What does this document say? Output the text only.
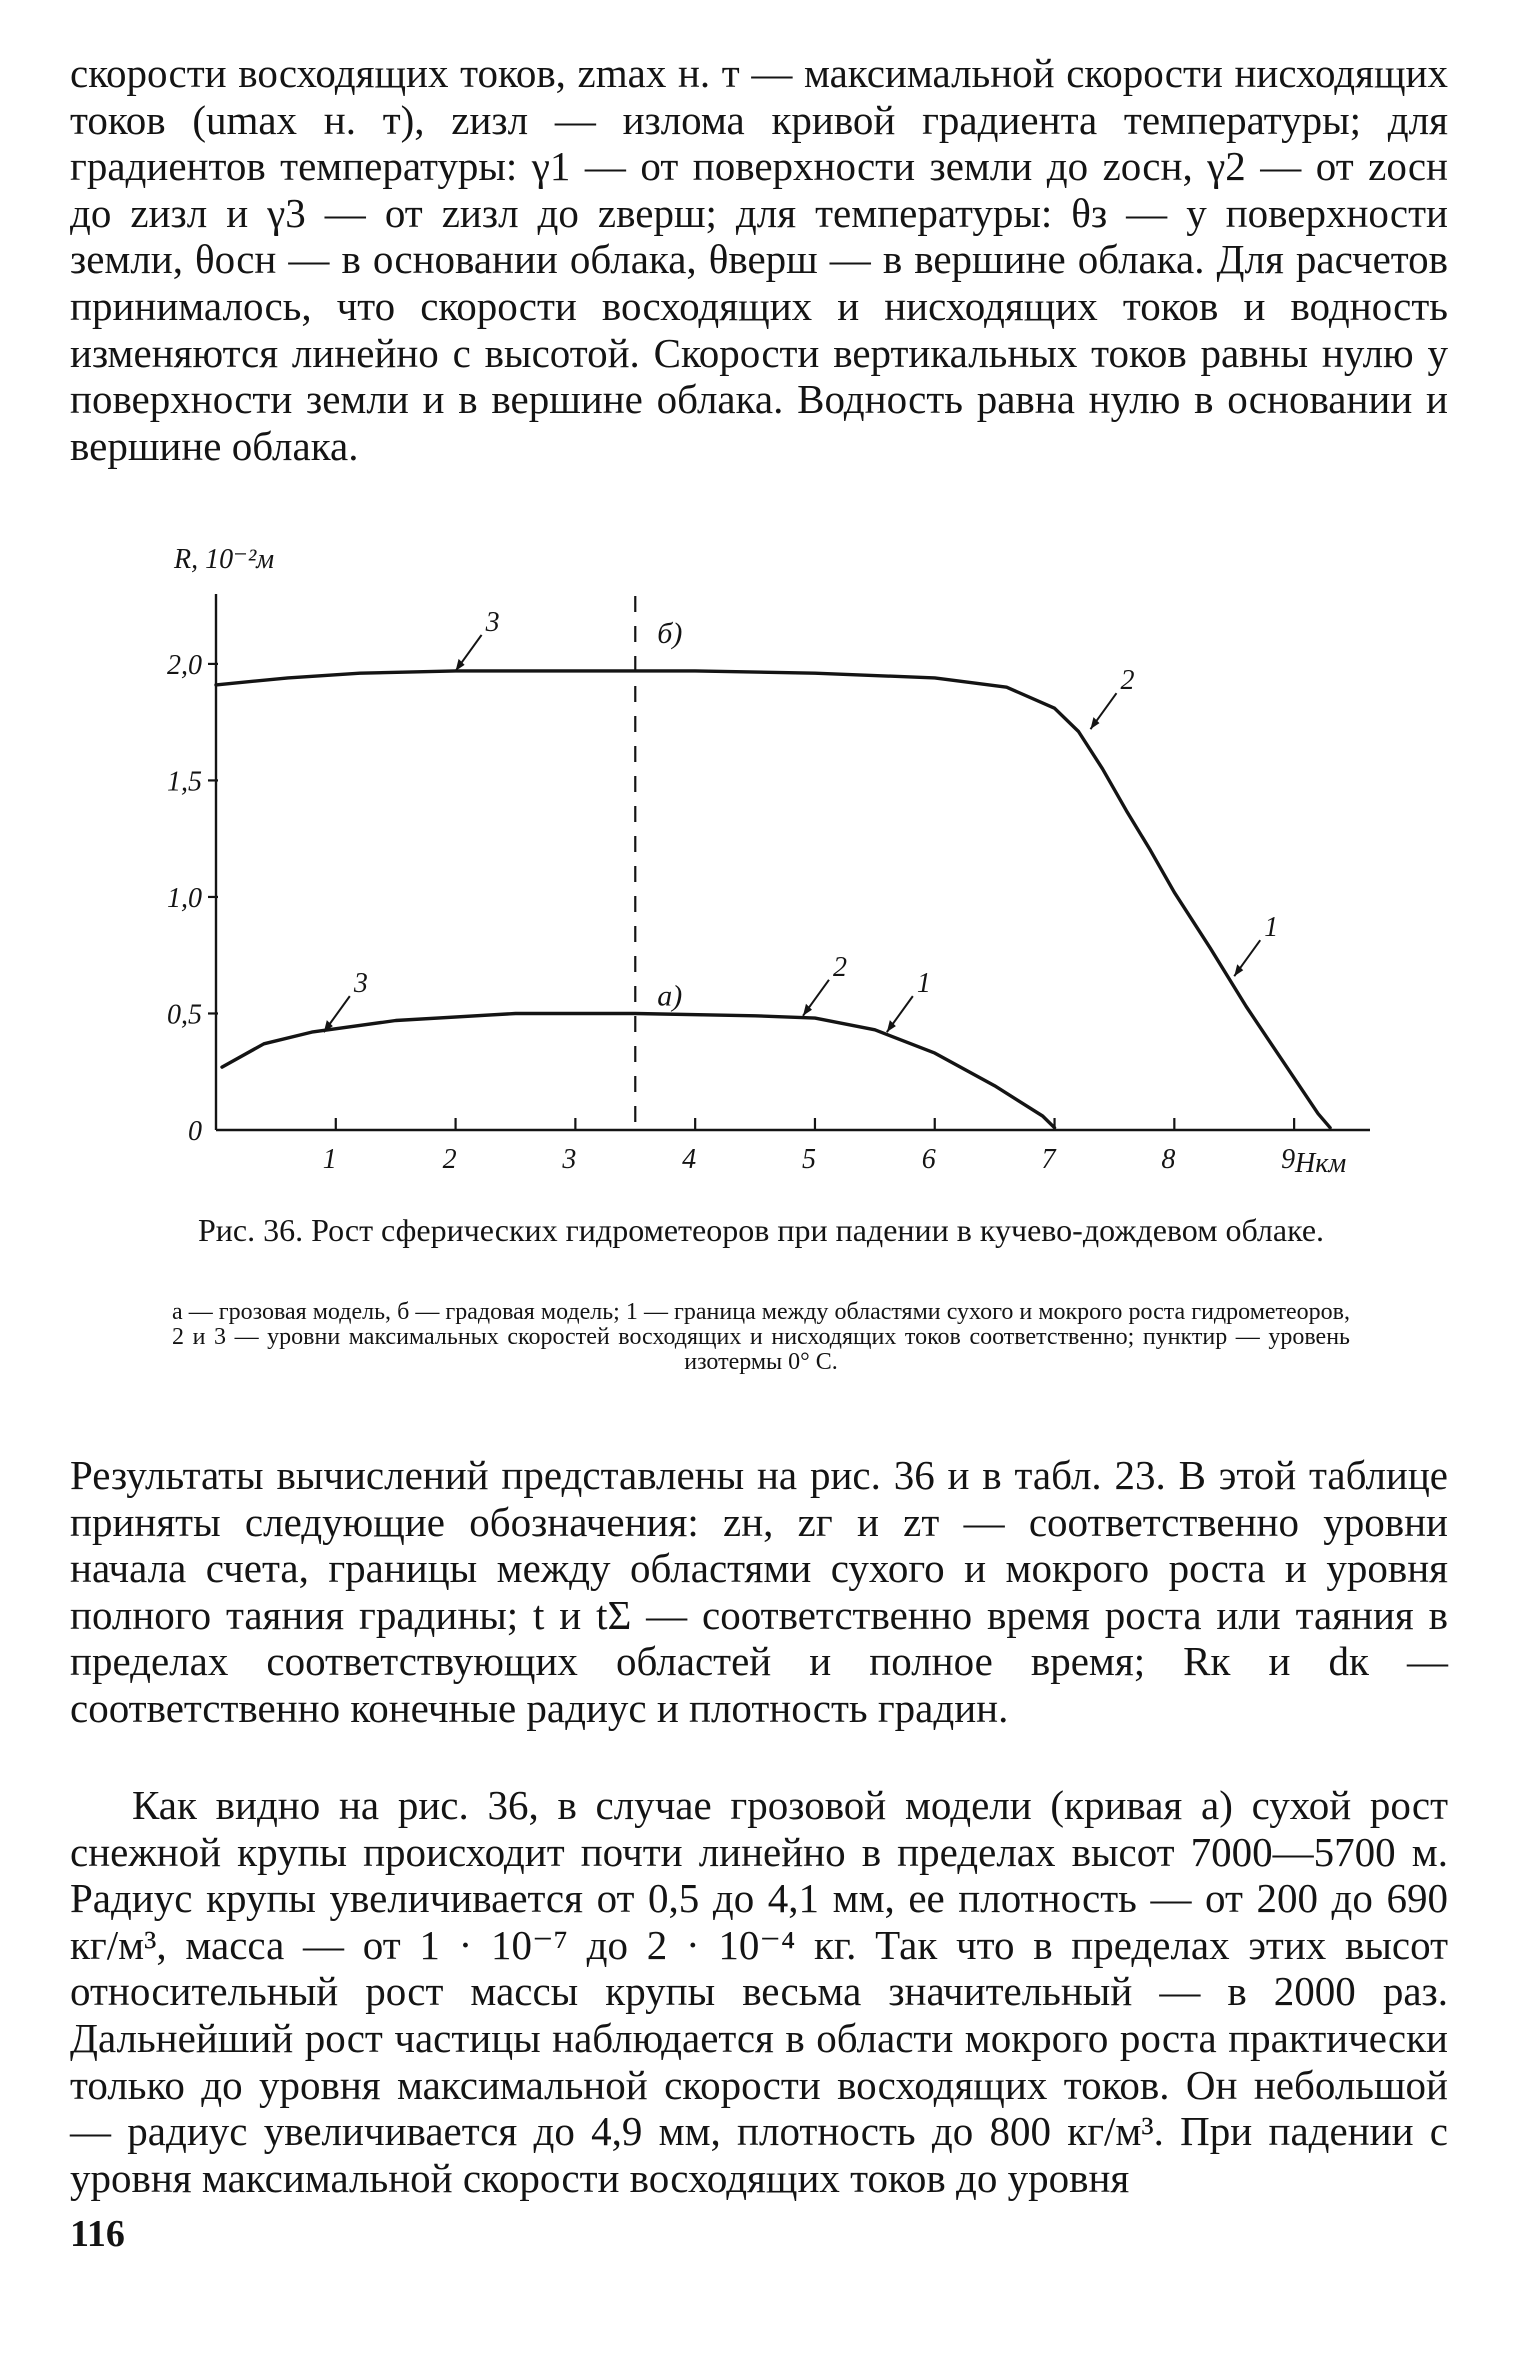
скорости восходящих токов, zmax н. т — максимальной скорости нисходящих токов (umax н. т), zизл — излома кривой градиента температуры; для градиентов температуры: γ1 — от поверхности земли до zосн, γ2 — от zосн до zизл и γ3 — от zизл до zверш; для температуры: θз — у поверхности земли, θосн — в основании облака, θверш — в вершине облака. Для расчетов принималось, что скорости восходящих и нисходящих токов и водность изменяются линейно с высотой. Скорости вертикальных токов равны нулю у поверхности земли и в вершине облака. Водность равна нулю в основании и вершине облака.

R, 10⁻²м
Hкм
0
0,5
1,0
1,5
2,0
1	2	3	4	5	6	7	8	9
б)
3
2
1
а)
3
2
1

Рис. 36. Рост сферических гидрометеоров при падении в кучево-дождевом облаке.

а — грозовая модель, б — градовая модель; 1 — граница между областями сухого и мокрого роста гидрометеоров, 2 и 3 — уровни максимальных скоростей восходящих и нисходящих токов соответственно; пунктир — уровень изотермы 0° С.

Результаты вычислений представлены на рис. 36 и в табл. 23. В этой таблице приняты следующие обозначения: zн, zг и zт — соответственно уровни начала счета, границы между областями сухого и мокрого роста и уровня полного таяния градины; t и tΣ — соответственно время роста или таяния в пределах соответствующих областей и полное время; Rк и dк — соответственно конечные радиус и плотность градин.

Как видно на рис. 36, в случае грозовой модели (кривая а) сухой рост снежной крупы происходит почти линейно в пределах высот 7000—5700 м. Радиус крупы увеличивается от 0,5 до 4,1 мм, ее плотность — от 200 до 690 кг/м³, масса — от 1 · 10⁻⁷ до 2 · 10⁻⁴ кг. Так что в пределах этих высот относительный рост массы крупы весьма значительный — в 2000 раз. Дальнейший рост частицы наблюдается в области мокрого роста практически только до уровня максимальной скорости восходящих токов. Он небольшой — радиус увеличивается до 4,9 мм, плотность до 800 кг/м³. При падении с уровня максимальной скорости восходящих токов до уровня

116
